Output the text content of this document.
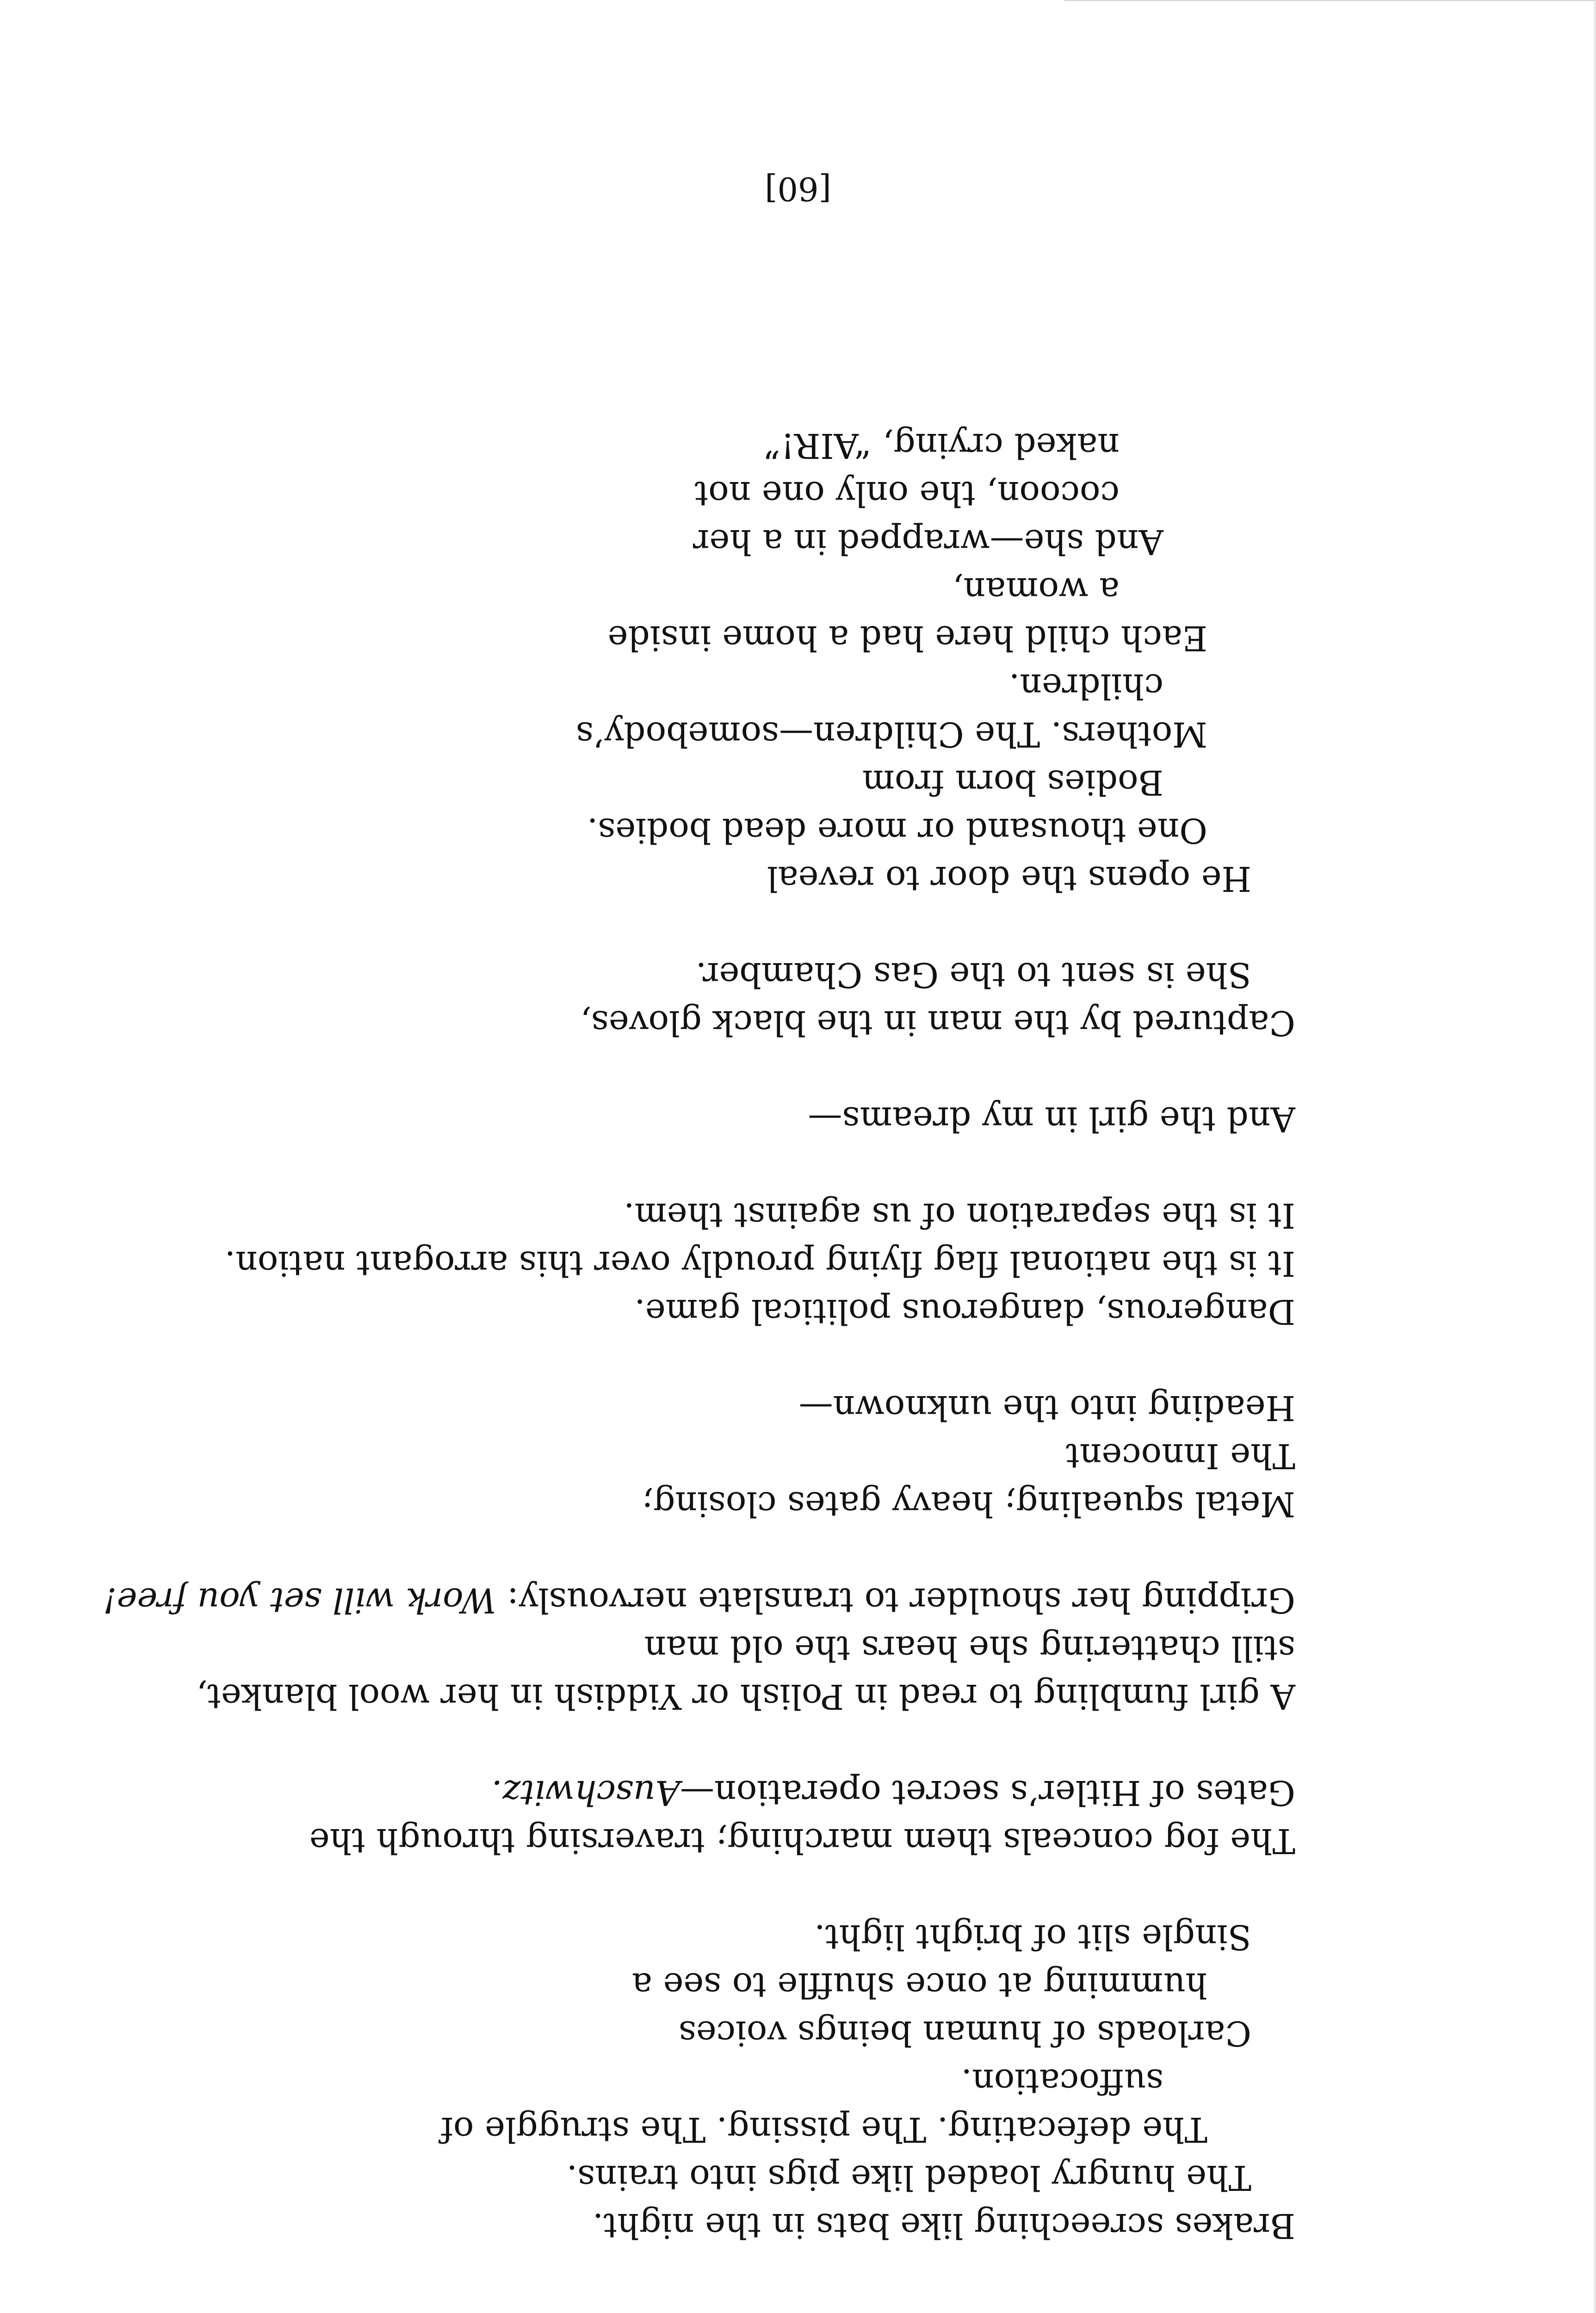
Brakes screeching like bats in the night.
The hungry loaded like pigs into trains.
The defecating. The pissing. The struggle of
suffocation.
Carloads of human beings voices
humming at once shuffle to see a
Single slit of bright light.
The fog conceals them marching; traversing through the
Gates of Hitler’s secret operation—Auschwitz.
A girl fumbling to read in Polish or Yiddish in her wool blanket,
still chattering she hears the old man
Gripping her shoulder to translate nervously: Work will set you free!
Metal squealing; heavy gates closing;
The Innocent
Heading into the unknown—
Dangerous, dangerous political game.
It is the national flag flying proudly over this arrogant nation.
It is the separation of us against them.
And the girl in my dreams—
Captured by the man in the black gloves,
She is sent to the Gas Chamber.
He opens the door to reveal
One thousand or more dead bodies.
Bodies born from
Mothers. The Children—somebody’s
children.
Each child here had a home inside
a woman,
And she—wrapped in a her
cocoon, the only one not
naked crying, “AIR!”
[60]
